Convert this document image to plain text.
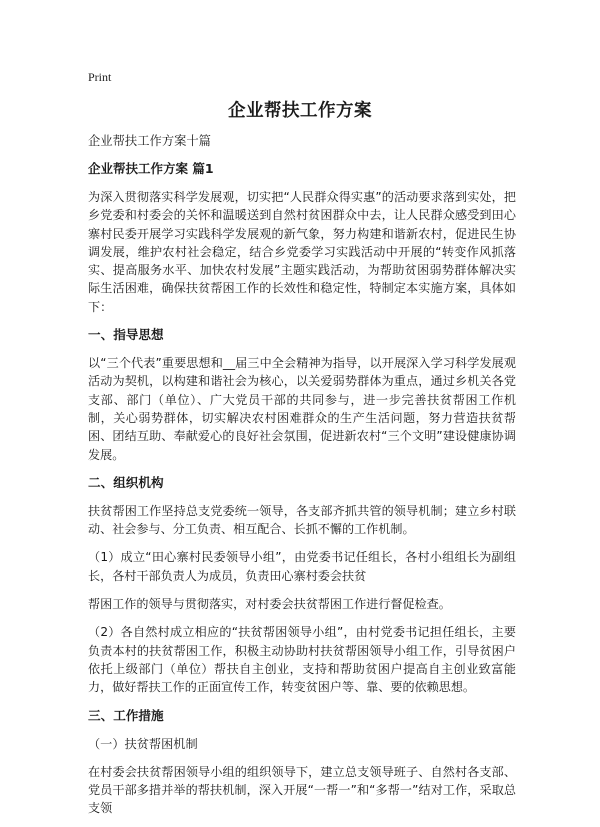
Print
企业帮扶工作方案

企业帮扶工作方案十篇

企业帮扶工作方案 篇1

为深入贯彻落实科学发展观，切实把“人民群众得实惠”的活动要求落到实处，把乡党委和村委会的关怀和温暖送到自然村贫困群众中去，让人民群众感受到田心寨村民委开展学习实践科学发展观的新气象，努力构建和谐新农村，促进民生协调发展，维护农村社会稳定，结合乡党委学习实践活动中开展的“转变作风抓落实、提高服务水平、加快农村发展”主题实践活动，为帮助贫困弱势群体解决实际生活困难，确保扶贫帮困工作的长效性和稳定性，特制定本实施方案，具体如下：

一、指导思想

以“三个代表”重要思想和__届三中全会精神为指导，以开展深入学习科学发展观活动为契机，以构建和谐社会为核心，以关爱弱势群体为重点，通过乡机关各党支部、部门（单位）、广大党员干部的共同参与，进一步完善扶贫帮困工作机制，关心弱势群体，切实解决农村困难群众的生产生活问题，努力营造扶贫帮困、团结互助、奉献爱心的良好社会氛围，促进新农村“三个文明”建设健康协调发展。

二、组织机构

扶贫帮困工作坚持总支党委统一领导，各支部齐抓共管的领导机制；建立乡村联动、社会参与、分工负责、相互配合、长抓不懈的工作机制。

（1）成立“田心寨村民委领导小组”，由党委书记任组长，各村小组组长为副组长，各村干部负责人为成员，负责田心寨村委会扶贫

帮困工作的领导与贯彻落实，对村委会扶贫帮困工作进行督促检查。

（2）各自然村成立相应的“扶贫帮困领导小组”，由村党委书记担任组长，主要负责本村的扶贫帮困工作，积极主动协助村扶贫帮困领导小组工作，引导贫困户依托上级部门（单位）帮扶自主创业，支持和帮助贫困户提高自主创业致富能力，做好帮扶工作的正面宣传工作，转变贫困户等、靠、要的依赖思想。

三、工作措施

（一）扶贫帮困机制

在村委会扶贫帮困领导小组的组织领导下，建立总支领导班子、自然村各支部、党员干部多措并举的帮扶机制，深入开展“一帮一”和“多帮一”结对工作，采取总支领
